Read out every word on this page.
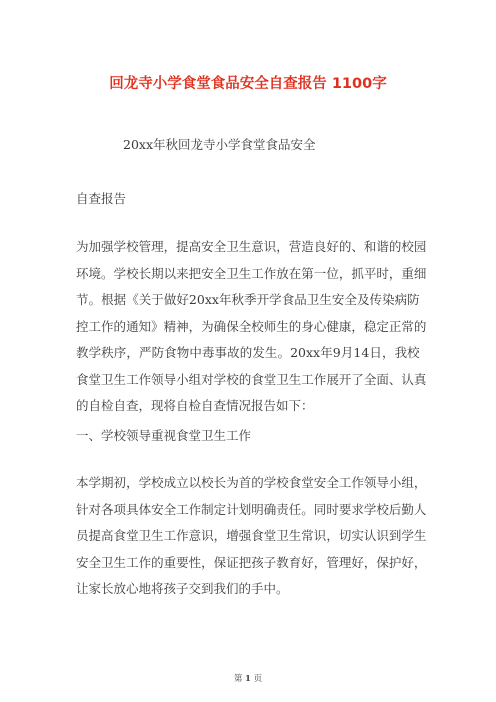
回龙寺小学食堂食品安全自查报告 1100字
20xx年秋回龙寺小学食堂食品安全
自查报告
为 加 强 学 校 管 理 ， 提 高 安 全 卫 生 意 识 ， 营 造 良 好 的 、 和 谐 的 校 园
环 境 。 学 校 长 期 以 来 把 安 全 卫 生 工 作 放 在 第 一 位 ， 抓 平 时 ， 重 细
节 。 根 据 《 关 于 做 好 20xx 年 秋 季 开 学 食 品 卫 生 安 全 及 传 染 病 防
控 工 作 的 通 知 》 精 神 ， 为 确 保 全 校 师 生 的 身 心 健 康 ， 稳 定 正 常 的
教 学 秩 序 ， 严 防 食 物 中 毒 事 故 的 发 生 。 20xx 年 9 月 14 日 ， 我 校
食 堂 卫 生 工 作 领 导 小 组 对 学 校 的 食 堂 卫 生 工 作 展 开 了 全 面 、 认 真
的自检自查，现将自检自查情况报告如下：
一、学校领导重视食堂卫生工作
本 学 期 初 ， 学 校 成 立 以 校 长 为 首 的 学 校 食 堂 安 全 工 作 领 导 小 组 ，
针 对 各 项 具 体 安 全 工 作 制 定 计 划 明 确 责 任 。 同 时 要 求 学 校 后 勤 人
员 提 高 食 堂 卫 生 工 作 意 识 ， 增 强 食 堂 卫 生 常 识 ， 切 实 认 识 到 学 生
安 全 卫 生 工 作 的 重 要 性 ， 保 证 把 孩 子 教 育 好 ， 管 理 好 ， 保 护 好 ，
让家长放心地将孩子交到我们的手中。
第 1 页
